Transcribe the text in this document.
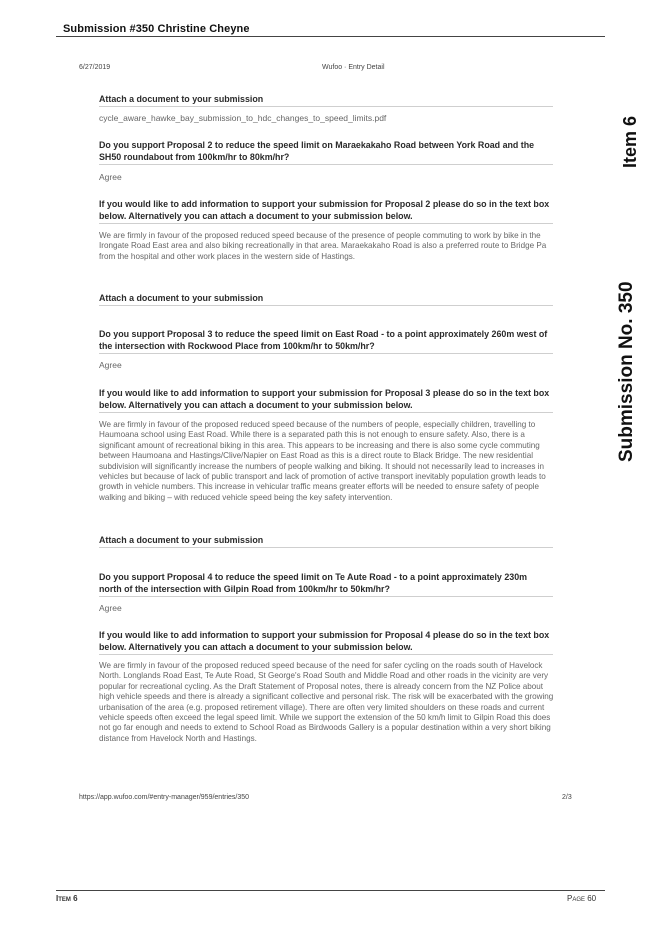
Submission #350 Christine Cheyne
Item 6
Submission No. 350
6/27/2019	Wufoo · Entry Detail
Attach a document to your submission
cycle_aware_hawke_bay_submission_to_hdc_changes_to_speed_limits.pdf
Do you support Proposal 2 to reduce the speed limit on Maraekakaho Road between York Road and the SH50 roundabout from 100km/hr to 80km/hr?
Agree
If you would like to add information to support your submission for Proposal 2 please do so in the text box below. Alternatively you can attach a document to your submission below.
We are firmly in favour of the proposed reduced speed because of the presence of people commuting to work by bike in the Irongate Road East area and also biking recreationally in that area. Maraekakaho Road is also a preferred route to Bridge Pa from the hospital and other work places in the western side of Hastings.
Attach a document to your submission
Do you support Proposal 3 to reduce the speed limit on East Road - to a point approximately 260m west of the intersection with Rockwood Place from 100km/hr to 50km/hr?
Agree
If you would like to add information to support your submission for Proposal 3 please do so in the text box below. Alternatively you can attach a document to your submission below.
We are firmly in favour of the proposed reduced speed because of the numbers of people, especially children, travelling to Haumoana school using East Road. While there is a separated path this is not enough to ensure safety. Also, there is a significant amount of recreational biking in this area. This appears to be increasing and there is also some cycle commuting between Haumoana and Hastings/Clive/Napier on East Road as this is a direct route to Black Bridge. The new residential subdivision will significantly increase the numbers of people walking and biking. It should not necessarily lead to increases in vehicles but because of lack of public transport and lack of promotion of active transport inevitably population growth leads to growth in vehicle numbers. This increase in vehicular traffic means greater efforts will be needed to ensure safety of people walking and biking – with reduced vehicle speed being the key safety intervention.
Attach a document to your submission
Do you support Proposal 4 to reduce the speed limit on Te Aute Road - to a point approximately 230m north of the intersection with Gilpin Road from 100km/hr to 50km/hr?
Agree
If you would like to add information to support your submission for Proposal 4 please do so in the text box below. Alternatively you can attach a document to your submission below.
We are firmly in favour of the proposed reduced speed because of the need for safer cycling on the roads south of Havelock North. Longlands Road East, Te Aute Road, St George's Road South and Middle Road and other roads in the vicinity are very popular for recreational cycling. As the Draft Statement of Proposal notes, there is already concern from the NZ Police about high vehicle speeds and there is already a significant collective and personal risk. The risk will be exacerbated with the growing urbanisation of the area (e.g. proposed retirement village). There are often very limited shoulders on these roads and current vehicle speeds often exceed the legal speed limit. While we support the extension of the 50 km/h limit to Gilpin Road this does not go far enough and needs to extend to School Road as Birdwoods Gallery is a popular destination within a very short biking distance from Havelock North and Hastings.
https://app.wufoo.com/#entry-manager/959/entries/350	2/3
Item 6	Page 60
